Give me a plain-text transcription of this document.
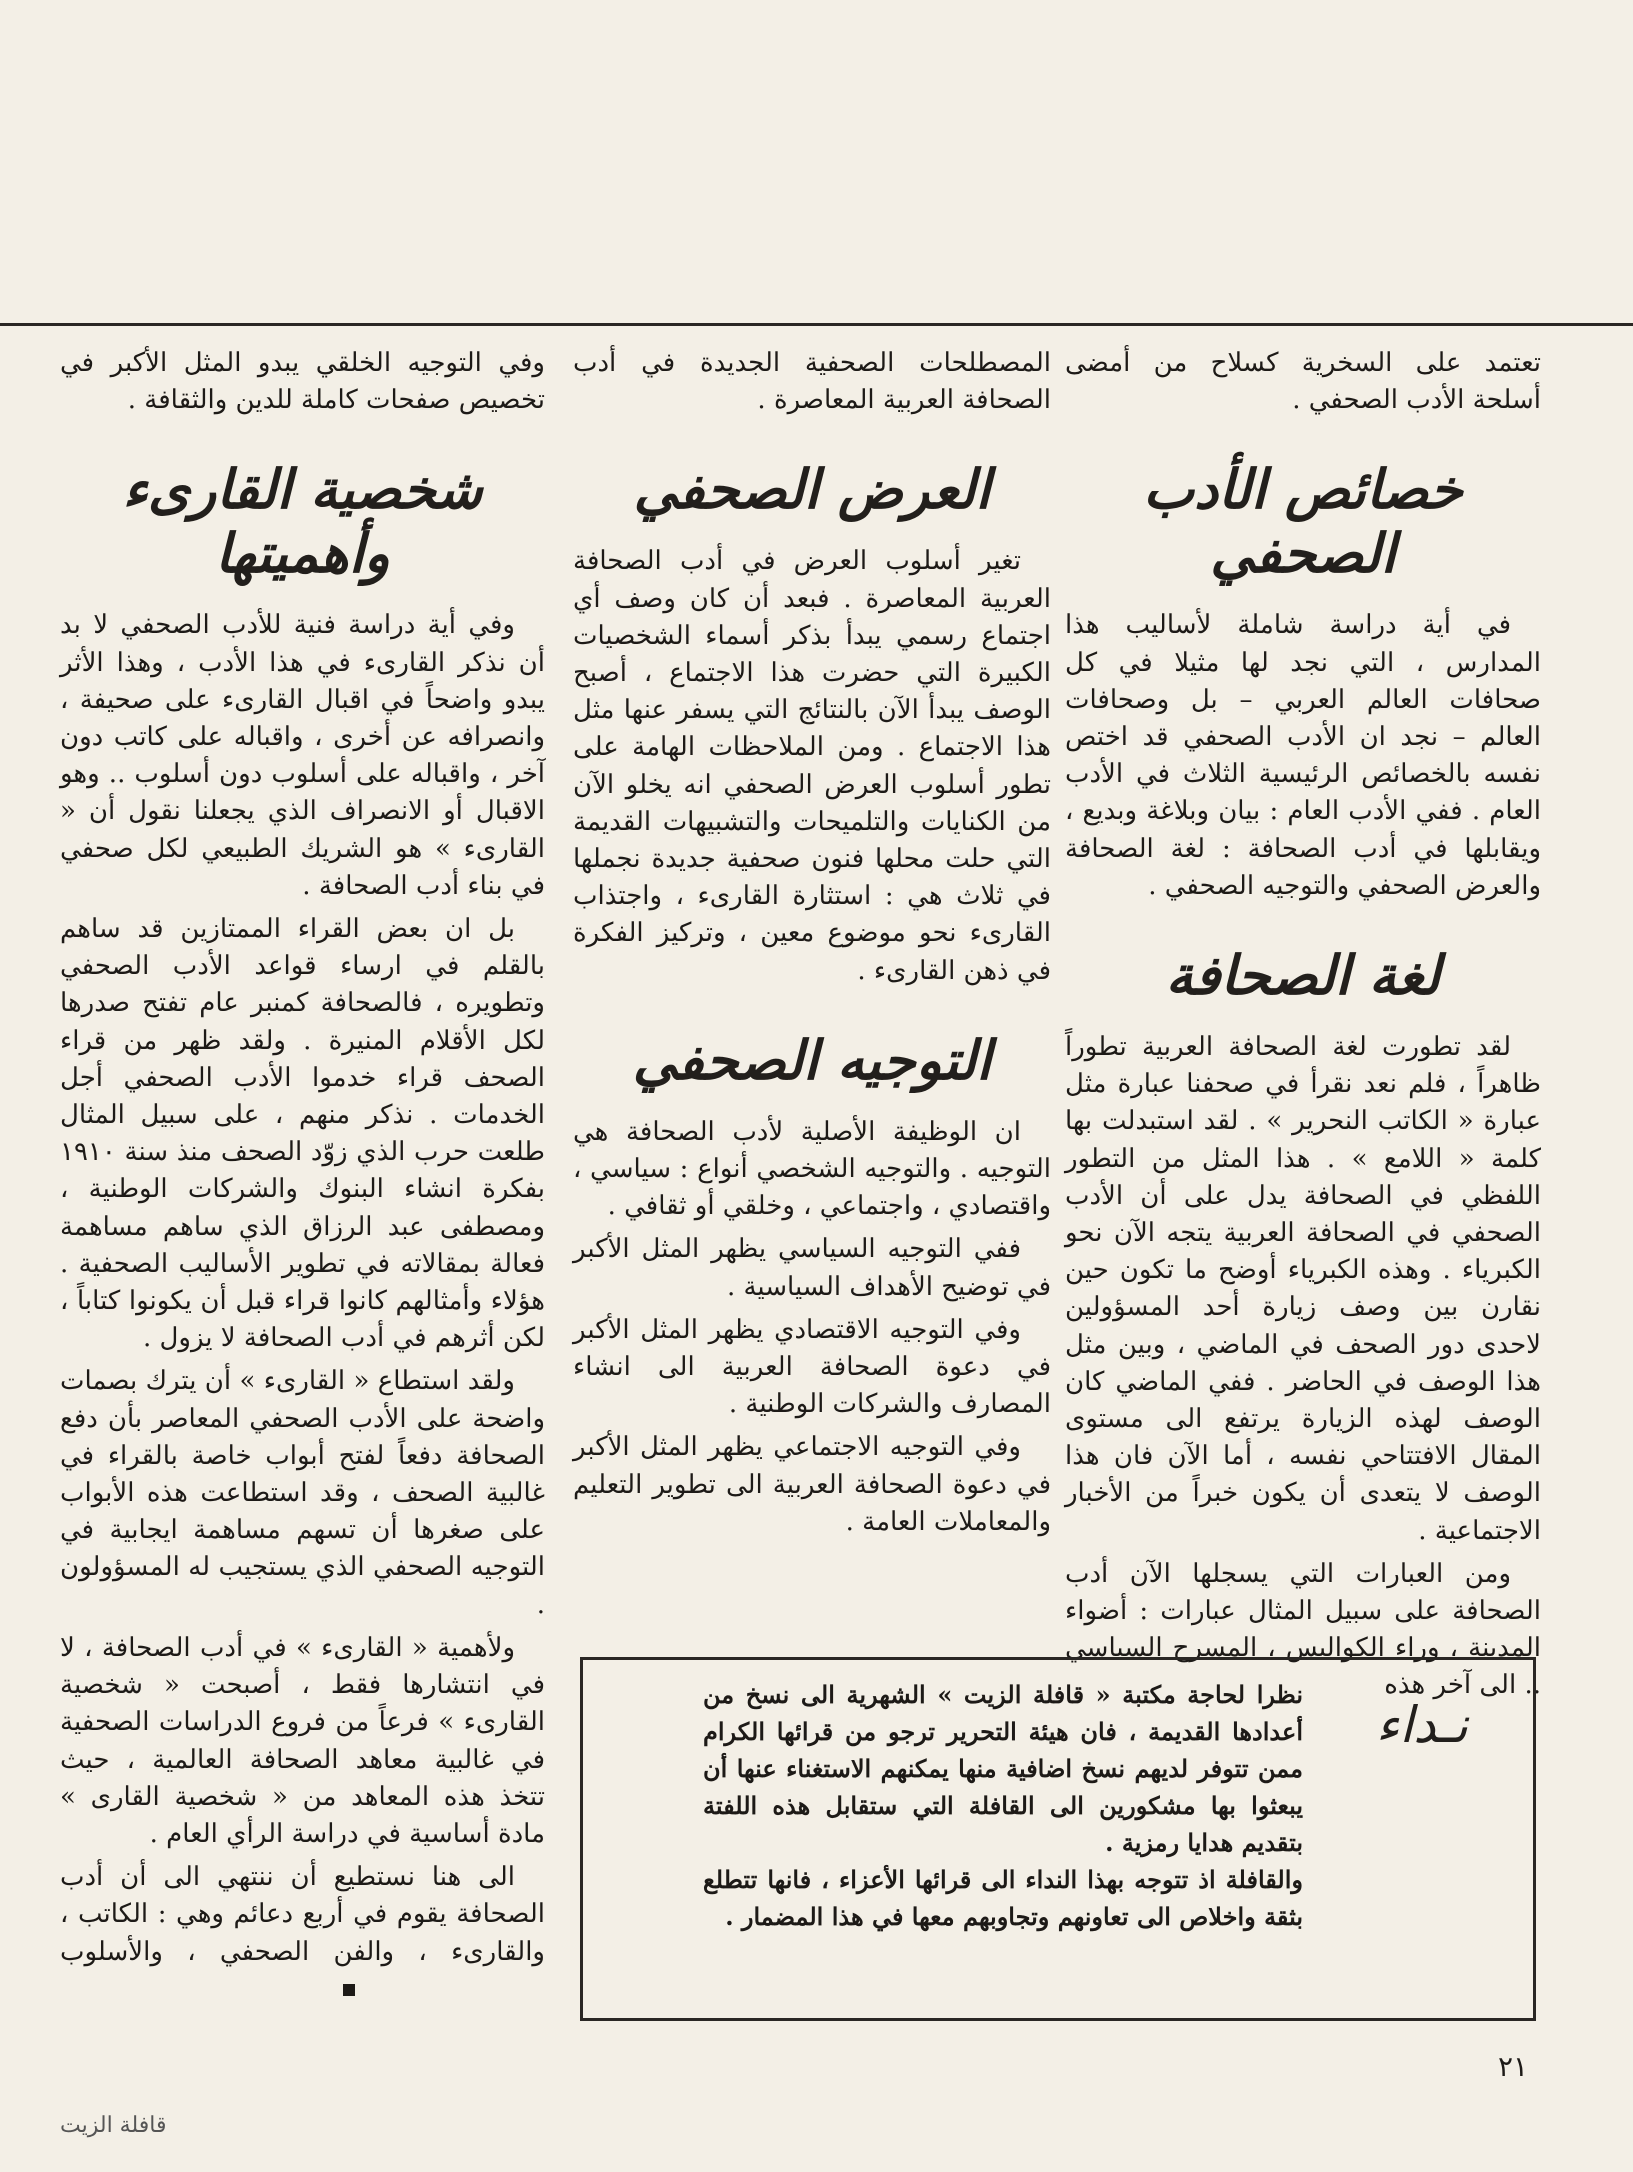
تعتمد على السخرية كسلاح من أمضى أسلحة الأدب الصحفي .

خصائص الأدب الصحفي

في أية دراسة شاملة لأساليب هذا المدارس ، التي نجد لها مثيلا في كل صحافات العالم العربي – بل وصحافات العالم – نجد ان الأدب الصحفي قد اختص نفسه بالخصائص الرئيسية الثلاث في الأدب العام . ففي الأدب العام : بيان وبلاغة وبديع ، ويقابلها في أدب الصحافة : لغة الصحافة والعرض الصحفي والتوجيه الصحفي .

لغة الصحافة

لقد تطورت لغة الصحافة العربية تطوراً ظاهراً ، فلم نعد نقرأ في صحفنا عبارة مثل عبارة « الكاتب النحرير » . لقد استبدلت بها كلمة « اللامع » . هذا المثل من التطور اللفظي في الصحافة يدل على أن الأدب الصحفي في الصحافة العربية يتجه الآن نحو الكبرياء . وهذه الكبرياء أوضح ما تكون حين نقارن بين وصف زيارة أحد المسؤولين لاحدى دور الصحف في الماضي ، وبين مثل هذا الوصف في الحاضر . ففي الماضي كان الوصف لهذه الزيارة يرتفع الى مستوى المقال الافتتاحي نفسه ، أما الآن فان هذا الوصف لا يتعدى أن يكون خبراً من الأخبار الاجتماعية .

ومن العبارات التي يسجلها الآن أدب الصحافة على سبيل المثال عبارات : أضواء المدينة ، وراء الكواليس ، المسرح السياسي .. الى آخر هذه

المصطلحات الصحفية الجديدة في أدب الصحافة العربية المعاصرة .

العرض الصحفي

تغير أسلوب العرض في أدب الصحافة العربية المعاصرة . فبعد أن كان وصف أي اجتماع رسمي يبدأ بذكر أسماء الشخصيات الكبيرة التي حضرت هذا الاجتماع ، أصبح الوصف يبدأ الآن بالنتائج التي يسفر عنها مثل هذا الاجتماع . ومن الملاحظات الهامة على تطور أسلوب العرض الصحفي انه يخلو الآن من الكنايات والتلميحات والتشبيهات القديمة التي حلت محلها فنون صحفية جديدة نجملها في ثلاث هي : استثارة القارىء ، واجتذاب القارىء نحو موضوع معين ، وتركيز الفكرة في ذهن القارىء .

التوجيه الصحفي

ان الوظيفة الأصلية لأدب الصحافة هي التوجيه . والتوجيه الشخصي أنواع : سياسي ، واقتصادي ، واجتماعي ، وخلقي أو ثقافي .

ففي التوجيه السياسي يظهر المثل الأكبر في توضيح الأهداف السياسية .

وفي التوجيه الاقتصادي يظهر المثل الأكبر في دعوة الصحافة العربية الى انشاء المصارف والشركات الوطنية .

وفي التوجيه الاجتماعي يظهر المثل الأكبر في دعوة الصحافة العربية الى تطوير التعليم والمعاملات العامة .

وفي التوجيه الخلقي يبدو المثل الأكبر في تخصيص صفحات كاملة للدين والثقافة .

شخصية القارىء وأهميتها

وفي أية دراسة فنية للأدب الصحفي لا بد أن نذكر القارىء في هذا الأدب ، وهذا الأثر يبدو واضحاً في اقبال القارىء على صحيفة ، وانصرافه عن أخرى ، واقباله على كاتب دون آخر ، واقباله على أسلوب دون أسلوب .. وهو الاقبال أو الانصراف الذي يجعلنا نقول أن « القارىء » هو الشريك الطبيعي لكل صحفي في بناء أدب الصحافة .

بل ان بعض القراء الممتازين قد ساهم بالقلم في ارساء قواعد الأدب الصحفي وتطويره ، فالصحافة كمنبر عام تفتح صدرها لكل الأقلام المنيرة . ولقد ظهر من قراء الصحف قراء خدموا الأدب الصحفي أجل الخدمات . نذكر منهم ، على سبيل المثال طلعت حرب الذي زوّد الصحف منذ سنة ١٩١٠ بفكرة انشاء البنوك والشركات الوطنية ، ومصطفى عبد الرزاق الذي ساهم مساهمة فعالة بمقالاته في تطوير الأساليب الصحفية . هؤلاء وأمثالهم كانوا قراء قبل أن يكونوا كتاباً ، لكن أثرهم في أدب الصحافة لا يزول .

ولقد استطاع « القارىء » أن يترك بصمات واضحة على الأدب الصحفي المعاصر بأن دفع الصحافة دفعاً لفتح أبواب خاصة بالقراء في غالبية الصحف ، وقد استطاعت هذه الأبواب على صغرها أن تسهم مساهمة ايجابية في التوجيه الصحفي الذي يستجيب له المسؤولون .

ولأهمية « القارىء » في أدب الصحافة ، لا في انتشارها فقط ، أصبحت « شخصية القارىء » فرعاً من فروع الدراسات الصحفية في غالبية معاهد الصحافة العالمية ، حيث تتخذ هذه المعاهد من « شخصية القارى » مادة أساسية في دراسة الرأي العام .

الى هنا نستطيع أن ننتهي الى أن أدب الصحافة يقوم في أربع دعائم وهي : الكاتب ، والقارىء ، والفن الصحفي ، والأسلوب

نـداء

نظرا لحاجة مكتبة « قافلة الزيت » الشهرية الى نسخ من أعدادها القديمة ، فان هيئة التحرير ترجو من قرائها الكرام ممن تتوفر لديهم نسخ اضافية منها يمكنهم الاستغناء عنها أن يبعثوا بها مشكورين الى القافلة التي ستقابل هذه اللفتة بتقديم هدايا رمزية .

والقافلة اذ تتوجه بهذا النداء الى قرائها الأعزاء ، فانها تتطلع بثقة واخلاص الى تعاونهم وتجاوبهم معها في هذا المضمار .

٢١
قافلة الزيت
